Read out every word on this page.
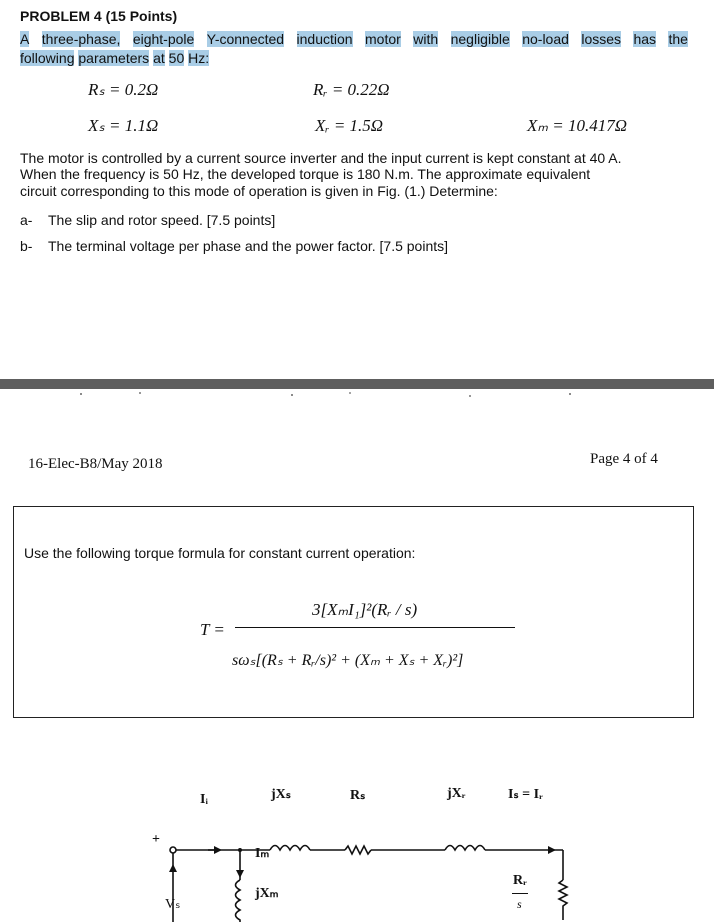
PROBLEM 4 (15 Points)
A three-phase, eight-pole Y-connected induction motor with negligible no-load losses has the
following parameters at 50 Hz:
Rₛ = 0.2Ω	Rᵣ = 0.22Ω
Xₛ = 1.1Ω	Xᵣ = 1.5Ω	Xₘ = 10.417Ω
The motor is controlled by a current source inverter and the input current is kept constant at 40 A.
When the frequency is 50 Hz, the developed torque is 180 N.m. The approximate equivalent
circuit corresponding to this mode of operation is given in Fig. (1.) Determine:
a- The slip and rotor speed. [7.5 points]
b- The terminal voltage per phase and the power factor. [7.5 points]
16-Elec-B8/May 2018	Page 4 of 4
Use the following torque formula for constant current operation:
T =
3[XₘI₁]²(Rᵣ / s)
sωₛ[(Rₛ + Rᵣ/s)² + (Xₘ + Xₛ + Xᵣ)²]
Iᵢ	jXₛ	Rₛ	jXᵣ	Iₛ = Iᵣ
Iₘ
jXₘ
Rᵣ
s
Vₛ
+
